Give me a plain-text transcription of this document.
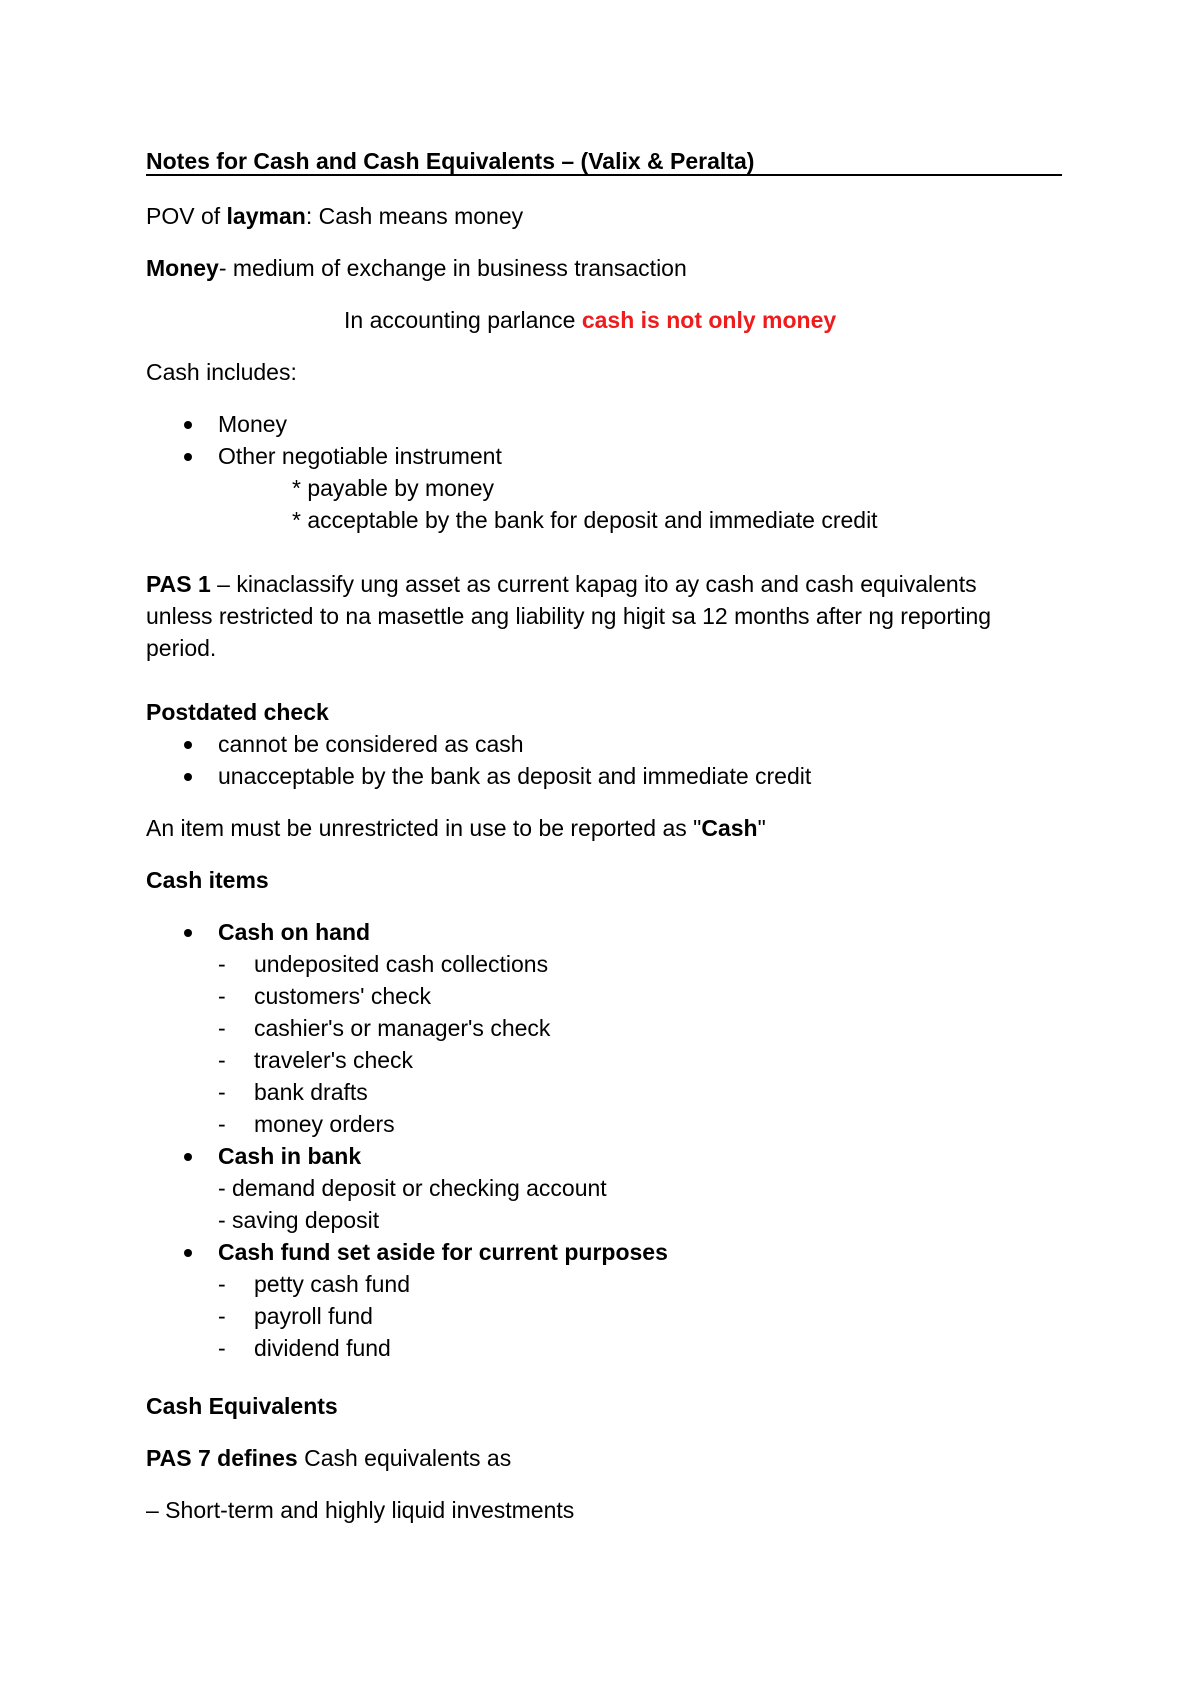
Notes for Cash and Cash Equivalents – (Valix & Peralta)
POV of layman: Cash means money
Money- medium of exchange in business transaction
In accounting parlance cash is not only money
Cash includes:
Money
Other negotiable instrument
* payable by money
* acceptable by the bank for deposit and immediate credit
PAS 1 – kinaclassify ung asset as current kapag ito ay cash and cash equivalents
unless restricted to na masettle ang liability ng higit sa 12 months after ng reporting
period.
Postdated check
cannot be considered as cash
unacceptable by the bank as deposit and immediate credit
An item must be unrestricted in use to be reported as "Cash"
Cash items
Cash on hand
- undeposited cash collections
- customers' check
- cashier's or manager's check
- traveler's check
- bank drafts
- money orders
Cash in bank
- demand deposit or checking account
- saving deposit
Cash fund set aside for current purposes
- petty cash fund
- payroll fund
- dividend fund
Cash Equivalents
PAS 7 defines Cash equivalents as
– Short-term and highly liquid investments
